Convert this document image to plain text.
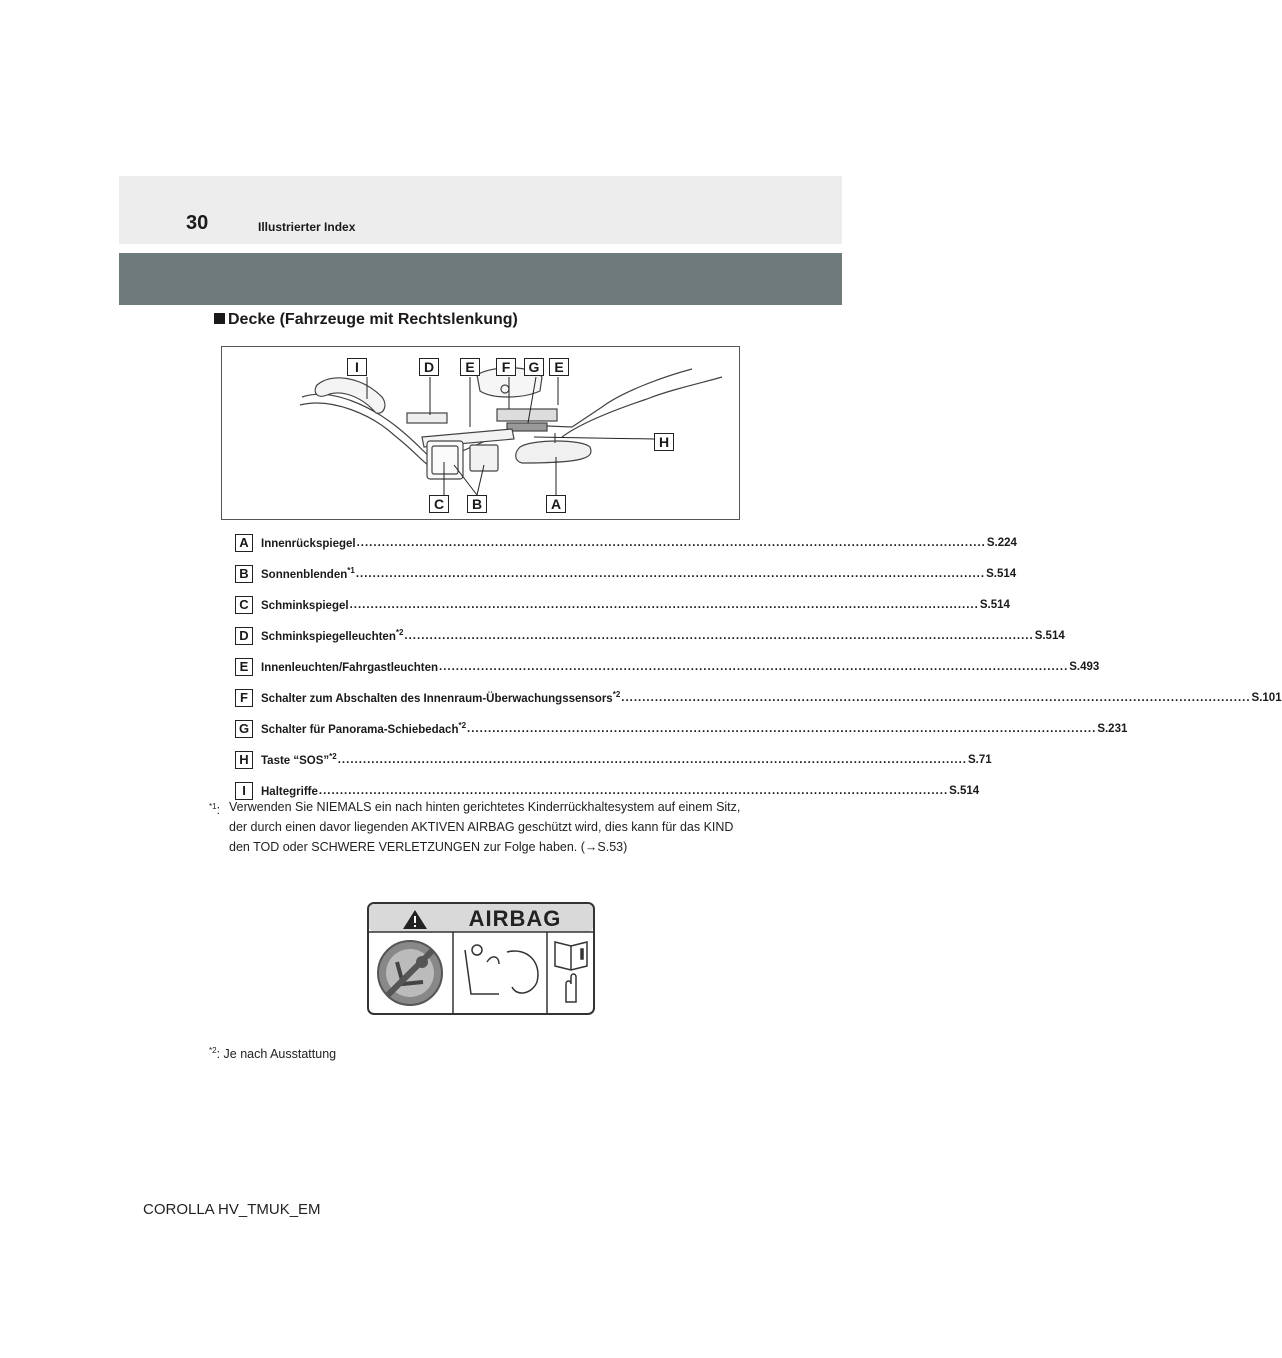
30	Illustrierter Index
Decke (Fahrzeuge mit Rechtslenkung)
I	D	E	F	G	E
H
C	B	A
A	Innenrückspiegel ...................................................................................................................................................... S.224
B	Sonnenblenden$^{*1}$ ...................................................................................................................................................... S.514
C	Schminkspiegel ...................................................................................................................................................... S.514
D	Schminkspiegelleuchten$^{*2}$ ...................................................................................................................................................... S.514
E	Innenleuchten/Fahrgastleuchten ...................................................................................................................................................... S.493
F	Schalter zum Abschalten des Innenraum-Überwachungssensors$^{*2}$ ...................................................................................................................................................... S.101
G	Schalter für Panorama-Schiebedach$^{*2}$ ...................................................................................................................................................... S.231
H	Taste “SOS”$^{*2}$ ...................................................................................................................................................... S.71
I	Haltegriffe ...................................................................................................................................................... S.514
$^{*1}$: Verwenden Sie NIEMALS ein nach hinten gerichtetes Kinderrückhaltesystem auf einem Sitz, der durch einen davor liegenden AKTIVEN AIRBAG geschützt wird, dies kann für das KIND den TOD oder SCHWERE VERLETZUNGEN zur Folge haben. (→S.53)
AIRBAG
$^{*2}$: Je nach Ausstattung
COROLLA HV_TMUK_EM
